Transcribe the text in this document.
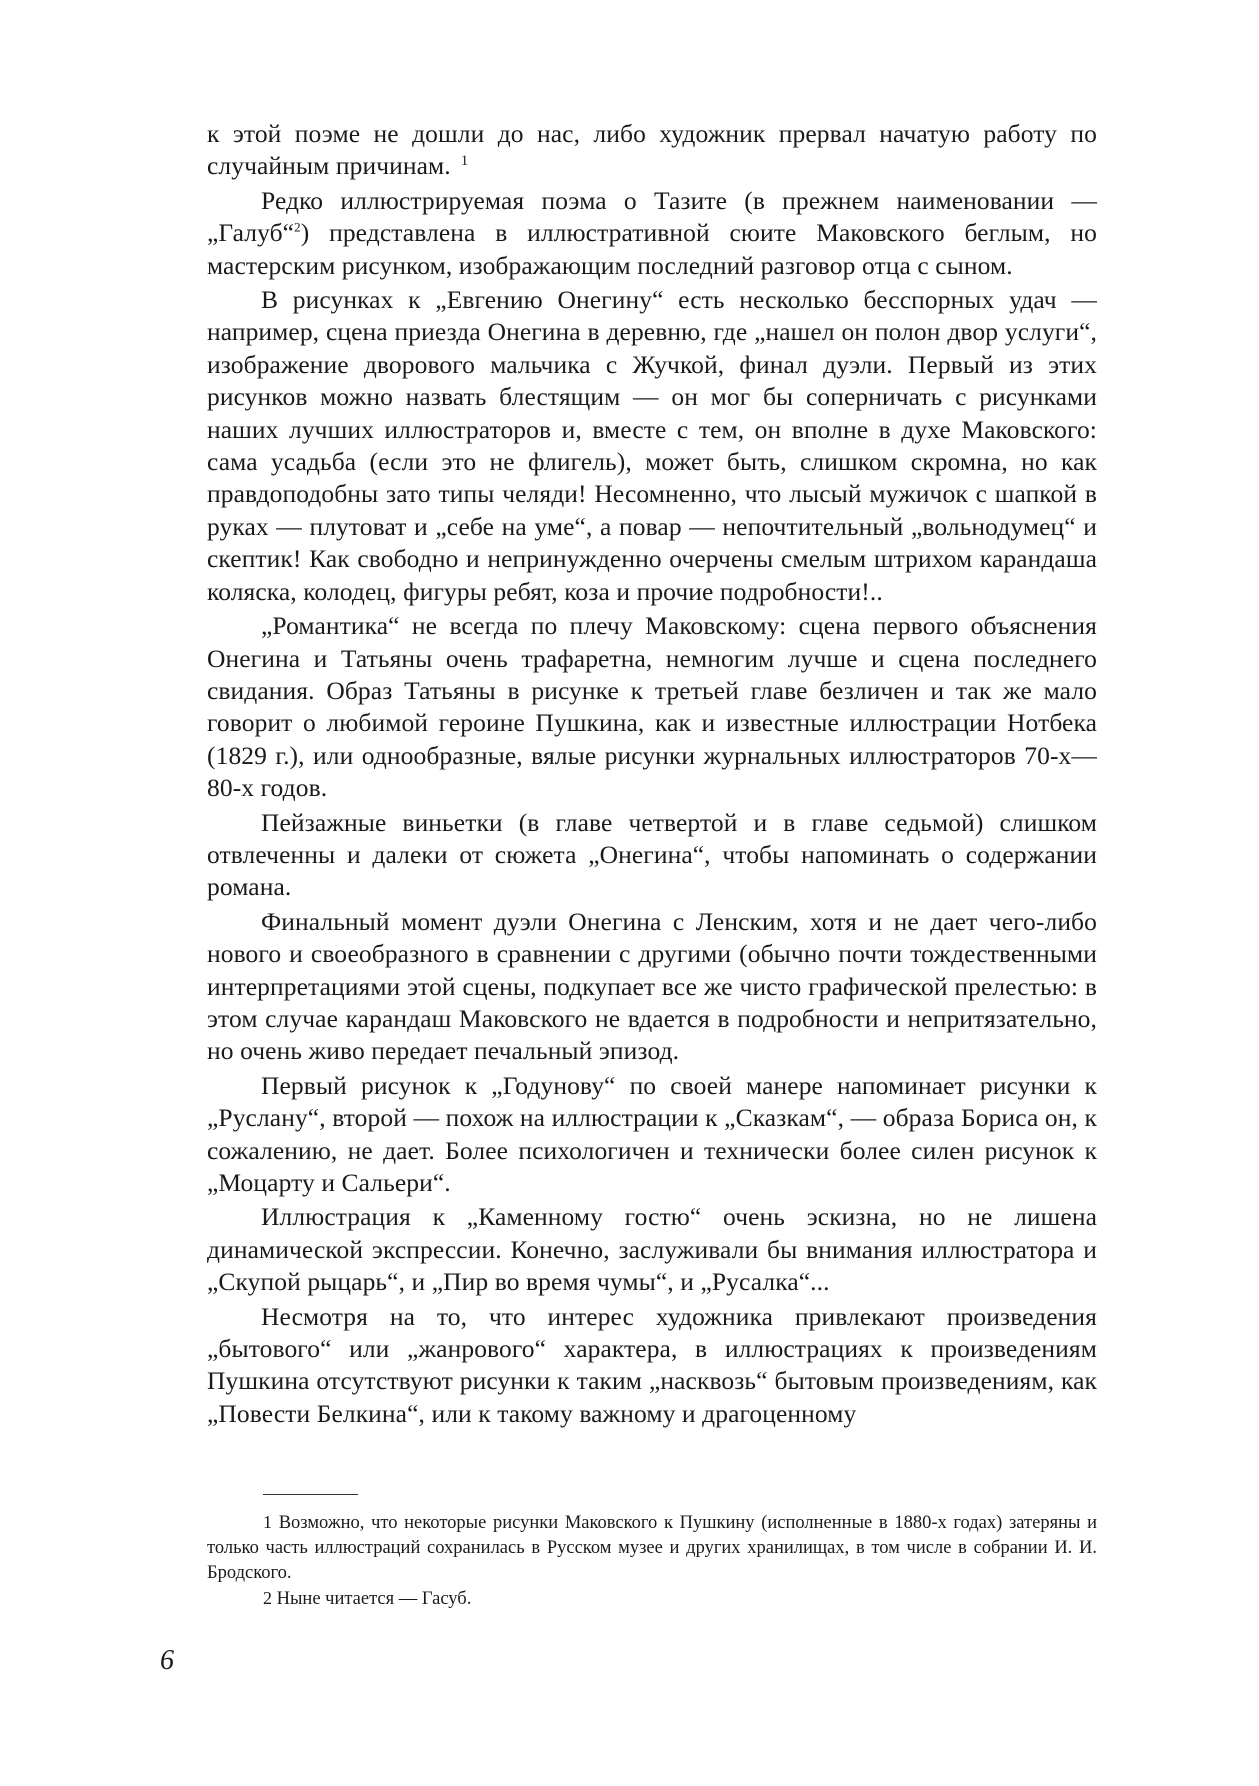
к этой поэме не дошли до нас, либо художник прервал начатую работу по случайным причинам. $^1$

Редко иллюстрируемая поэма о Тазите (в прежнем наименовании — „Галуб“$^2$) представлена в иллюстративной сюите Маковского беглым, но мастерским рисунком, изображающим последний разговор отца с сыном.

В рисунках к „Евгению Онегину“ есть несколько бесспорных удач — например, сцена приезда Онегина в деревню, где „нашел он полон двор услуги“, изображение дворового мальчика с Жучкой, финал дуэли. Первый из этих рисунков можно назвать блестящим — он мог бы соперничать с рисунками наших лучших иллюстраторов и, вместе с тем, он вполне в духе Маковского: сама усадьба (если это не флигель), может быть, слишком скромна, но как правдоподобны зато типы челяди! Несомненно, что лысый мужичок с шапкой в руках — плутоват и „себе на уме“, а повар — непочтительный „вольнодумец“ и скептик! Как свободно и непринужденно очерчены смелым штрихом карандаша коляска, колодец, фигуры ребят, коза и прочие подробности!..

„Романтика“ не всегда по плечу Маковскому: сцена первого объяснения Онегина и Татьяны очень трафаретна, немногим лучше и сцена последнего свидания. Образ Татьяны в рисунке к третьей главе безличен и так же мало говорит о любимой героине Пушкина, как и известные иллюстрации Нотбека (1829 г.), или однообразные, вялые рисунки журнальных иллюстраторов 70-х—80-х годов.

Пейзажные виньетки (в главе четвертой и в главе седьмой) слишком отвлеченны и далеки от сюжета „Онегина“, чтобы напоминать о содержании романа.

Финальный момент дуэли Онегина с Ленским, хотя и не дает чего-либо нового и своеобразного в сравнении с другими (обычно почти тождественными интерпретациями этой сцены, подкупает все же чисто графической прелестью: в этом случае карандаш Маковского не вдается в подробности и непритязательно, но очень живо передает печальный эпизод.

Первый рисунок к „Годунову“ по своей манере напоминает рисунки к „Руслану“, второй — похож на иллюстрации к „Сказкам“, — образа Бориса он, к сожалению, не дает. Более психологичен и технически более силен рисунок к „Моцарту и Сальери“.

Иллюстрация к „Каменному гостю“ очень эскизна, но не лишена динамической экспрессии. Конечно, заслуживали бы внимания иллюстратора и „Скупой рыцарь“, и „Пир во время чумы“, и „Русалка“...

Несмотря на то, что интерес художника привлекают произведения „бытового“ или „жанрового“ характера, в иллюстрациях к произведениям Пушкина отсутствуют рисунки к таким „насквозь“ бытовым произведениям, как „Повести Белкина“, или к такому важному и драгоценному

1 Возможно, что некоторые рисунки Маковского к Пушкину (исполненные в 1880-х годах) затеряны и только часть иллюстраций сохранилась в Русском музее и других хранилищах, в том числе в собрании И. И. Бродского.

2 Ныне читается — Гасуб.

6
